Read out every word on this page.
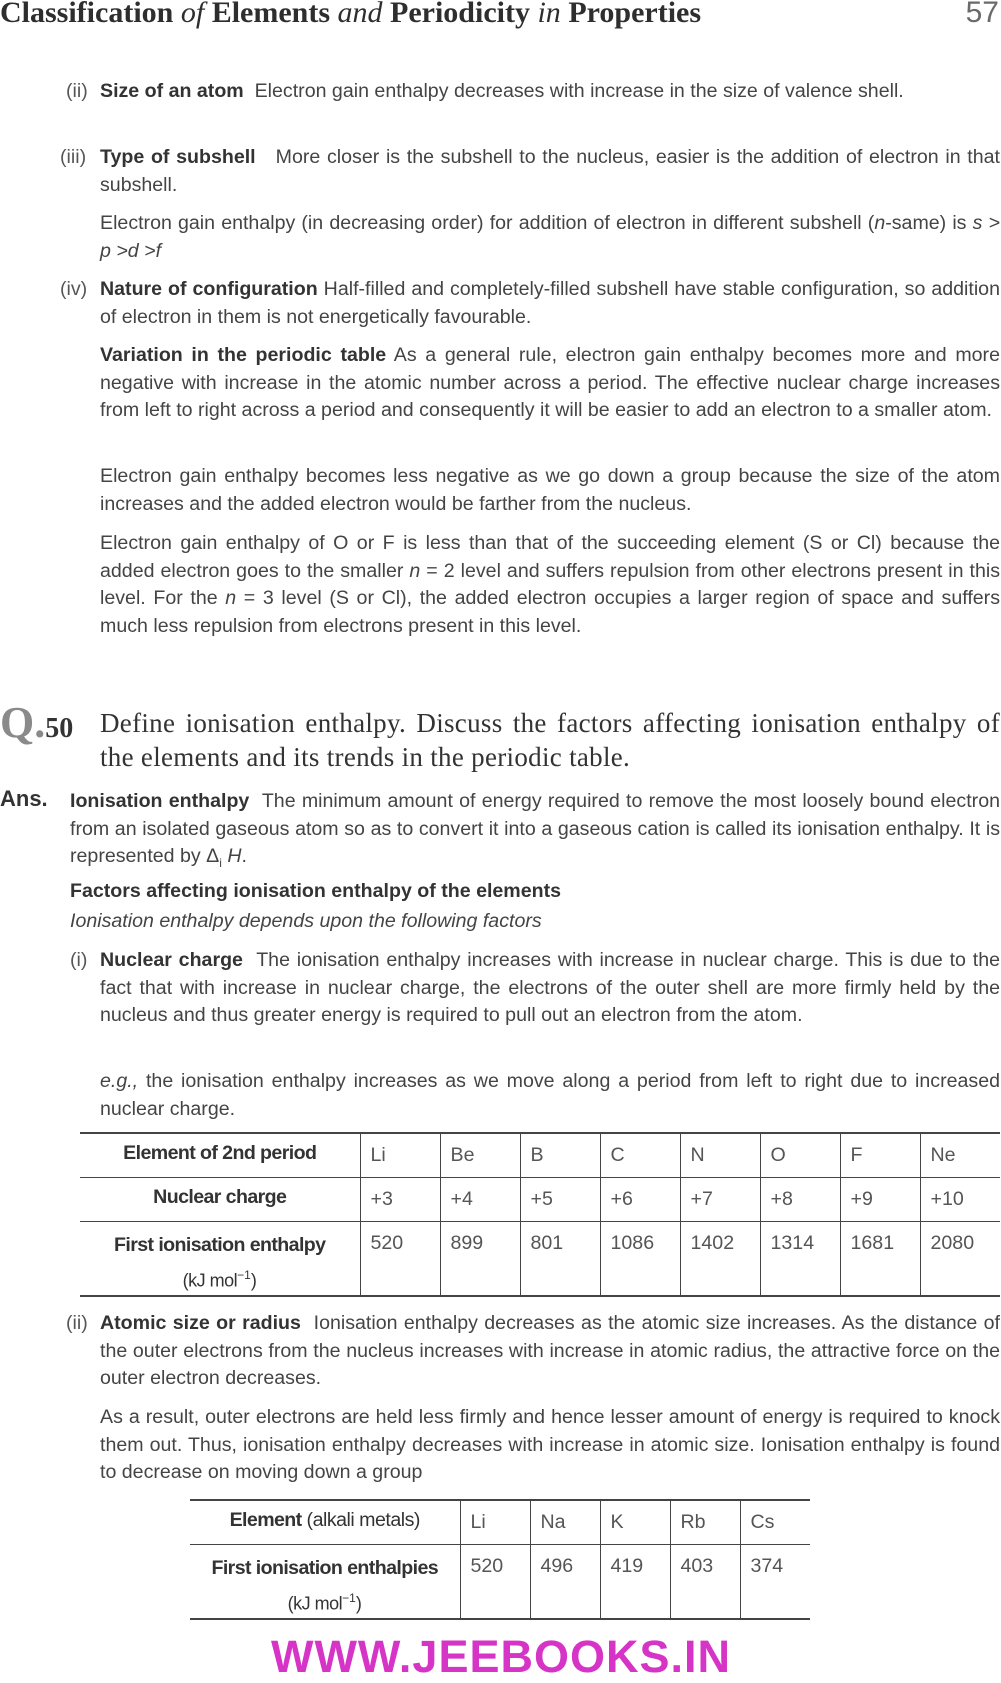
Classification of Elements and Periodicity in Properties	57
(ii) Size of an atom Electron gain enthalpy decreases with increase in the size of valence shell.
(iii) Type of subshell More closer is the subshell to the nucleus, easier is the addition of electron in that subshell.
Electron gain enthalpy (in decreasing order) for addition of electron in different subshell (n-same) is s > p >d >f
(iv) Nature of configuration Half-filled and completely-filled subshell have stable configuration, so addition of electron in them is not energetically favourable.
Variation in the periodic table As a general rule, electron gain enthalpy becomes more and more negative with increase in the atomic number across a period. The effective nuclear charge increases from left to right across a period and consequently it will be easier to add an electron to a smaller atom.
Electron gain enthalpy becomes less negative as we go down a group because the size of the atom increases and the added electron would be farther from the nucleus.
Electron gain enthalpy of O or F is less than that of the succeeding element (S or Cl) because the added electron goes to the smaller n = 2 level and suffers repulsion from other electrons present in this level. For the n = 3 level (S or Cl), the added electron occupies a larger region of space and suffers much less repulsion from electrons present in this level.
Q.50 Define ionisation enthalpy. Discuss the factors affecting ionisation enthalpy of the elements and its trends in the periodic table.
Ans. Ionisation enthalpy The minimum amount of energy required to remove the most loosely bound electron from an isolated gaseous atom so as to convert it into a gaseous cation is called its ionisation enthalpy. It is represented by $\Delta_i$ H.
Factors affecting ionisation enthalpy of the elements
Ionisation enthalpy depends upon the following factors
(i) Nuclear charge The ionisation enthalpy increases with increase in nuclear charge. This is due to the fact that with increase in nuclear charge, the electrons of the outer shell are more firmly held by the nucleus and thus greater energy is required to pull out an electron from the atom.
e.g., the ionisation enthalpy increases as we move along a period from left to right due to increased nuclear charge.
Element of 2nd period	Li	Be	B	C	N	O	F	Ne
Nuclear charge	+3	+4	+5	+6	+7	+8	+9	+10
First ionisation enthalpy
(kJ mol$^{-1}$)	520	899	801	1086	1402	1314	1681	2080
(ii) Atomic size or radius Ionisation enthalpy decreases as the atomic size increases. As the distance of the outer electrons from the nucleus increases with increase in atomic radius, the attractive force on the outer electron decreases.
As a result, outer electrons are held less firmly and hence lesser amount of energy is required to knock them out. Thus, ionisation enthalpy decreases with increase in atomic size. Ionisation enthalpy is found to decrease on moving down a group
Element (alkali metals)	Li	Na	K	Rb	Cs
First ionisation enthalpies
(kJ mol$^{-1}$)	520	496	419	403	374
WWW.JEEBOOKS.IN
